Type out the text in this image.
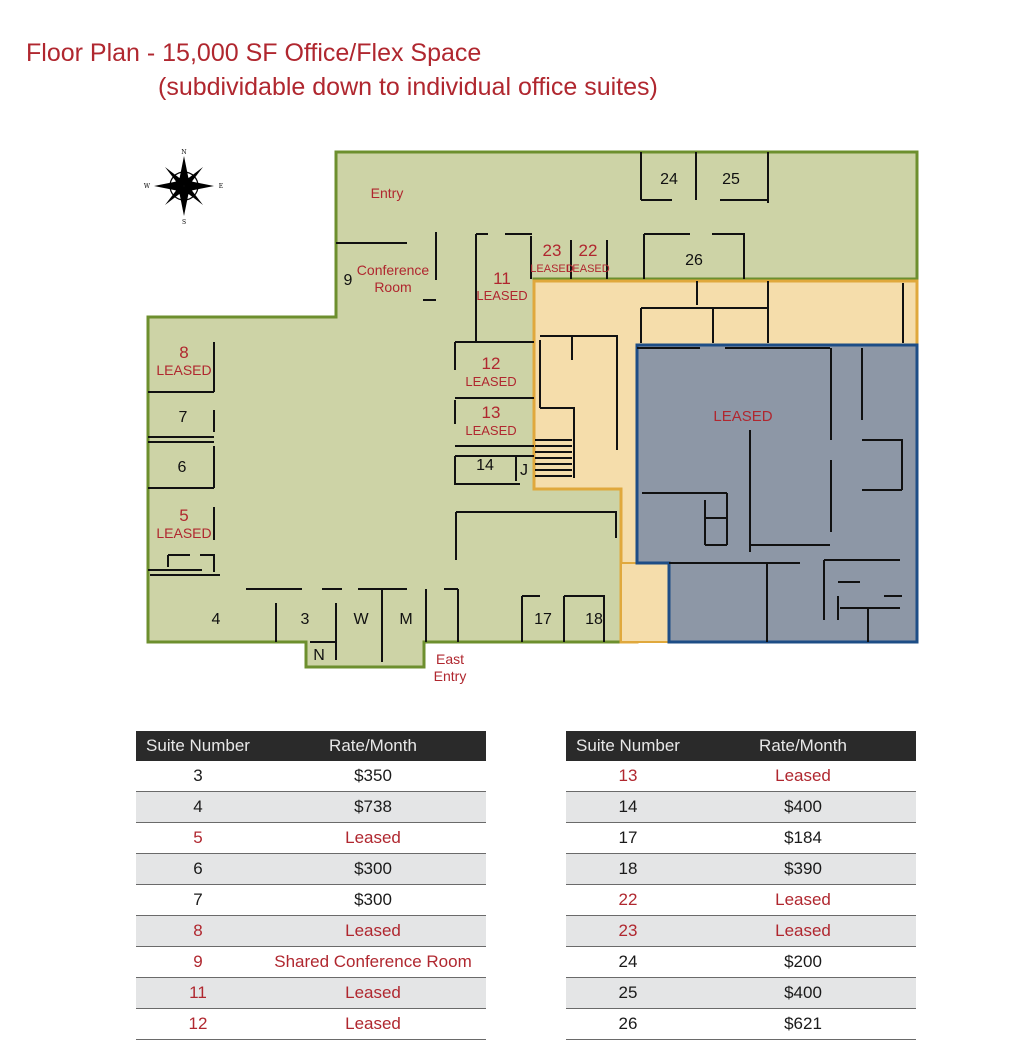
Floor Plan - 15,000 SF Office/Flex Space
(subdividable down to individual office suites)
N
S
W	E	24	25
26
9
7
6	14 J
4	3	W M	17 18
N
Entry
Conference
Room
23
LEASED
22
LEASED
11
LEASED
8
LEASED	12
LEASED
13
LEASED
LEASED
5
LEASED
East
Entry
Suite Number	Rate/Month
3	$350
4	$738
5	Leased
6	$300
7	$300
8	Leased
9	Shared Conference Room
11	Leased
12	Leased
Suite Number	Rate/Month
13	Leased
14	$400
17	$184
18	$390
22	Leased
23	Leased
24	$200
25	$400
26	$621
